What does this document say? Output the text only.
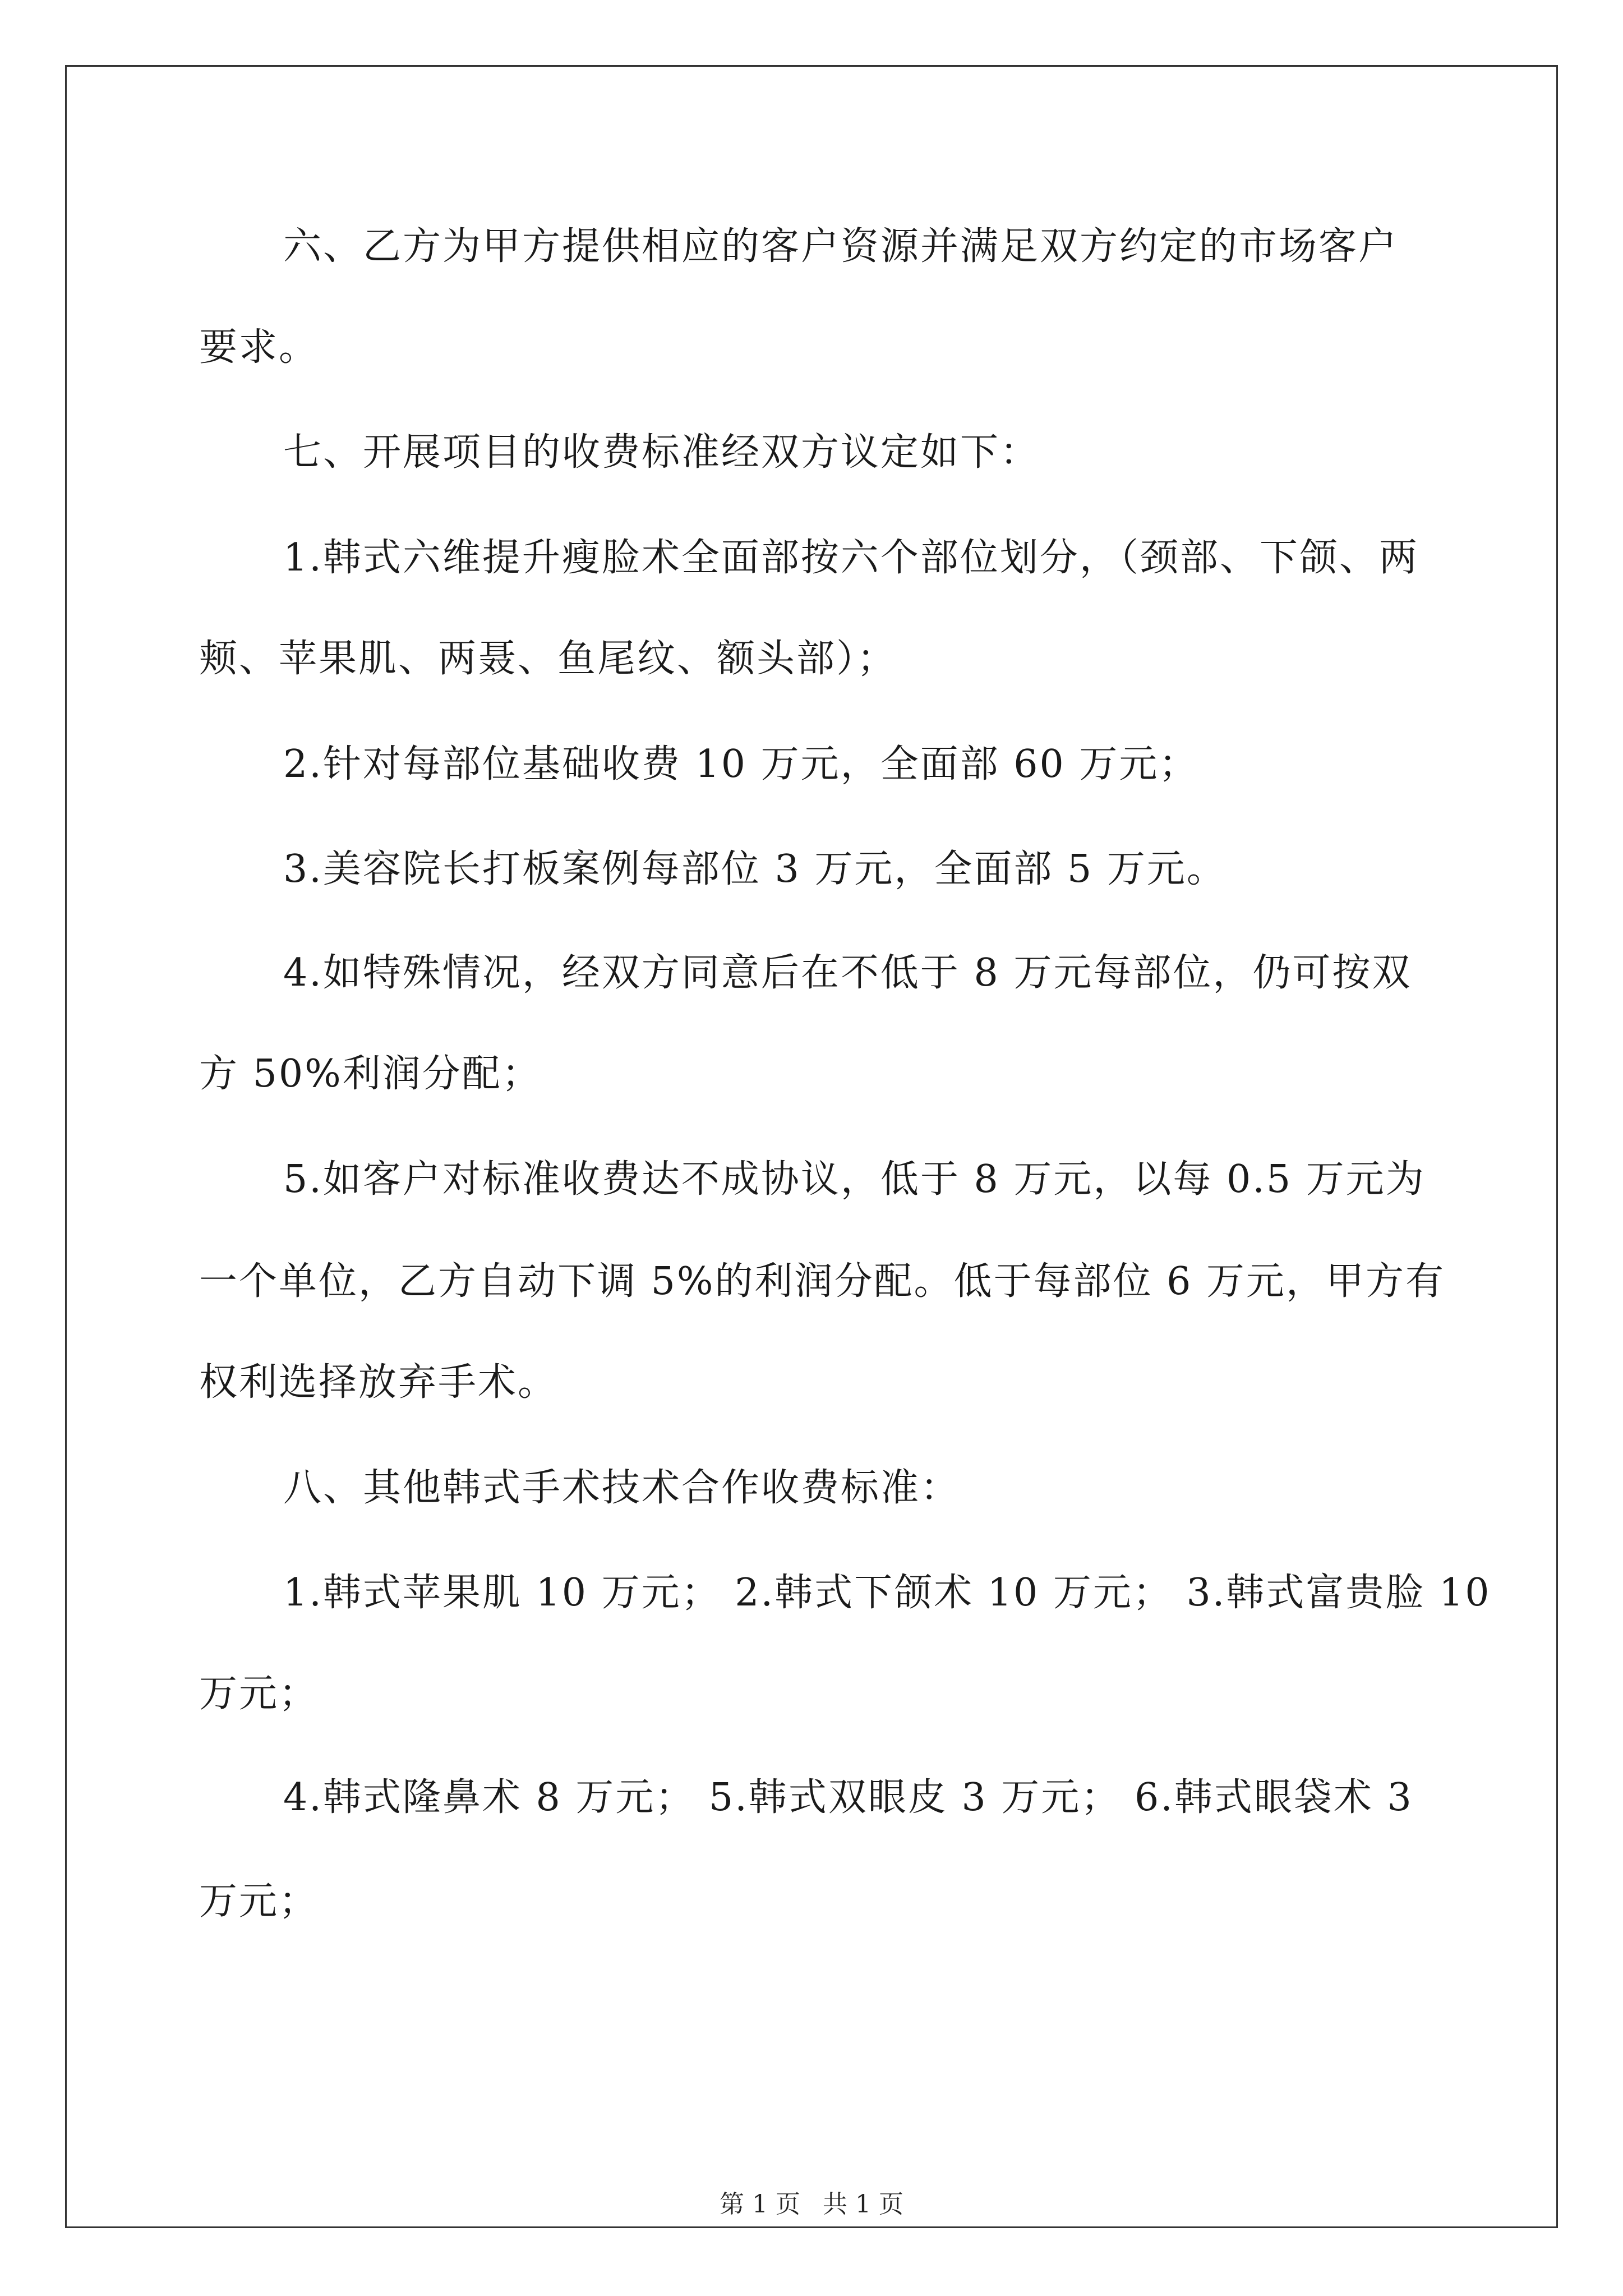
六、乙方为甲方提供相应的客户资源并满足双方约定的市场客户
要求。
七、开展项目的收费标准经双方议定如下：
1.韩式六维提升瘦脸术全面部按六个部位划分，（颈部、下颌、两
颊、苹果肌、两聂、鱼尾纹、额头部）；
2.针对每部位基础收费 10 万元，全面部 60 万元；
3.美容院长打板案例每部位 3 万元，全面部 5 万元。
4.如特殊情况，经双方同意后在不低于 8 万元每部位，仍可按双
方 50%利润分配；
5.如客户对标准收费达不成协议，低于 8 万元，以每 0.5 万元为
一个单位，乙方自动下调 5%的利润分配。低于每部位 6 万元，甲方有
权利选择放弃手术。
八、其他韩式手术技术合作收费标准：
1.韩式苹果肌 10 万元； 2.韩式下颌术 10 万元； 3.韩式富贵脸 10
万元；
4.韩式隆鼻术 8 万元； 5.韩式双眼皮 3 万元； 6.韩式眼袋术 3
万元；
第 1 页 共 1 页
